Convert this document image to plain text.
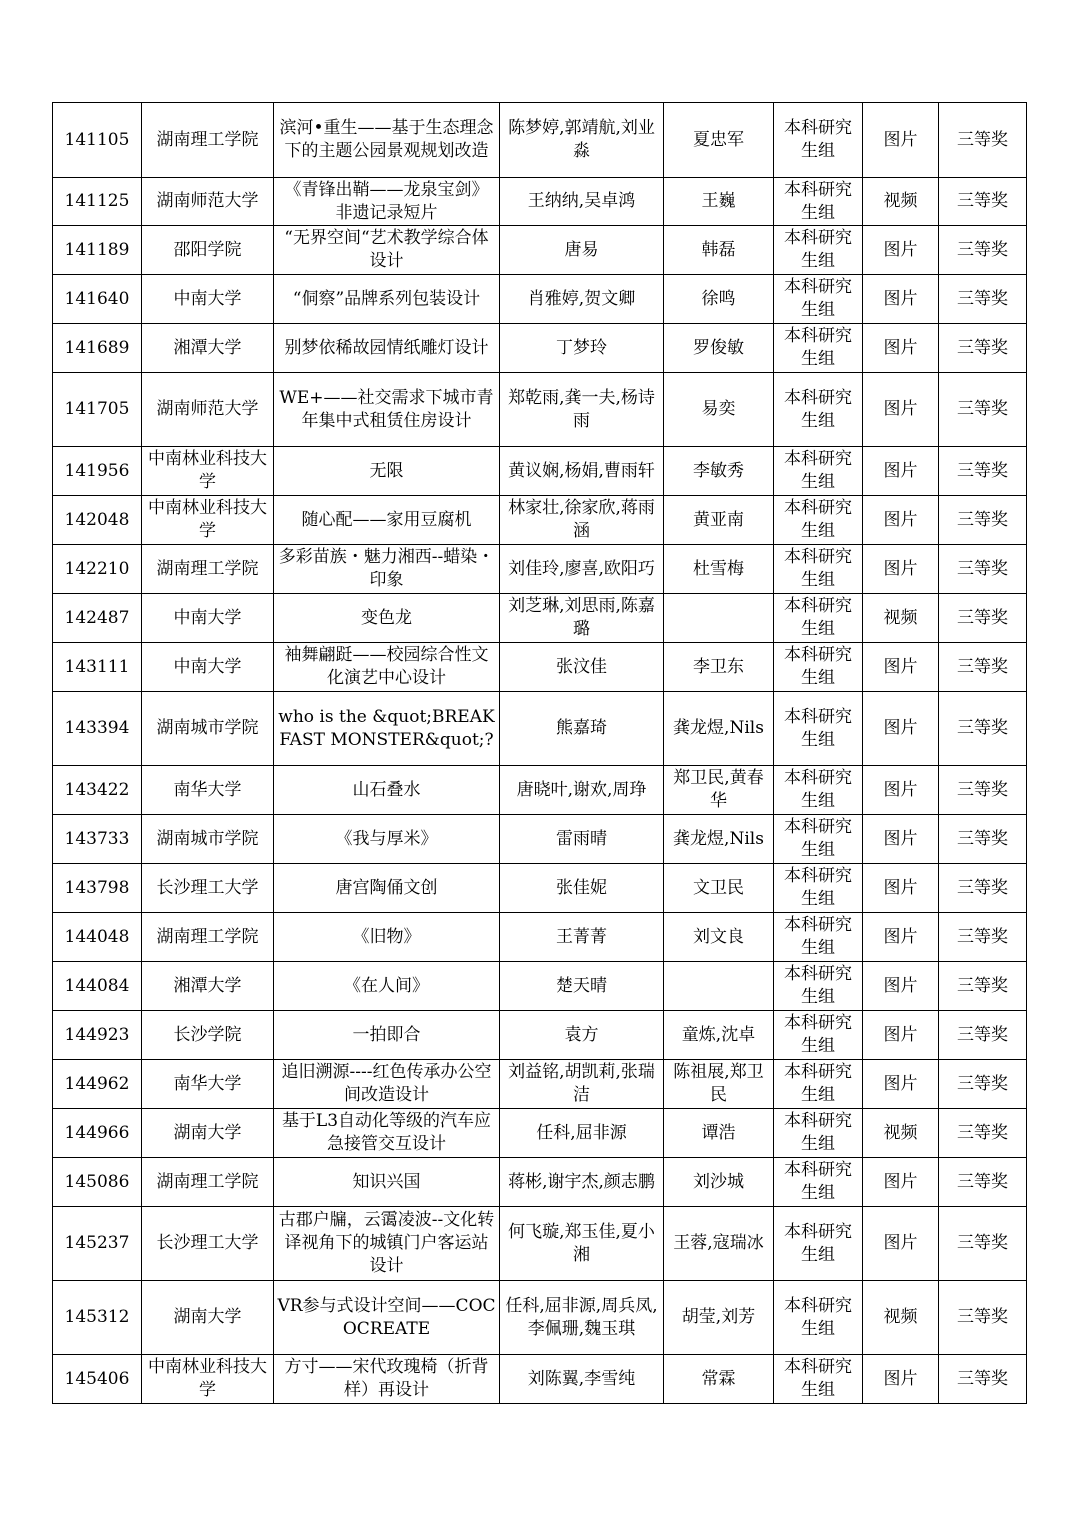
141105	湖南理工学院	滨河•重生——基于生态理念下的主题公园景观规划改造	陈梦婷,郭靖航,刘业淼	夏忠军	本科研究生组	图片	三等奖
141125	湖南师范大学	《青锋出鞘——龙泉宝剑》非遗记录短片	王纳纳,吴卓鸿	王巍	本科研究生组	视频	三等奖
141189	邵阳学院	“无界空间“艺术教学综合体设计	唐易	韩磊	本科研究生组	图片	三等奖
141640	中南大学	“侗察”品牌系列包装设计	肖雅婷,贺文卿	徐鸣	本科研究生组	图片	三等奖
141689	湘潭大学	别梦依稀故园情纸雕灯设计	丁梦玲	罗俊敏	本科研究生组	图片	三等奖
141705	湖南师范大学	WE+——社交需求下城市青年集中式租赁住房设计	郑乾雨,龚一夫,杨诗雨	易奕	本科研究生组	图片	三等奖
141956	中南林业科技大学	无限	黄议娴,杨娟,曹雨轩	李敏秀	本科研究生组	图片	三等奖
142048	中南林业科技大学	随心配——家用豆腐机	林家壮,徐家欣,蒋雨涵	黄亚南	本科研究生组	图片	三等奖
142210	湖南理工学院	多彩苗族・魅力湘西--蜡染・印象	刘佳玲,廖喜,欧阳巧	杜雪梅	本科研究生组	图片	三等奖
142487	中南大学	变色龙	刘芝琳,刘思雨,陈嘉璐		本科研究生组	视频	三等奖
143111	中南大学	袖舞翩跹——校园综合性文化演艺中心设计	张汶佳	李卫东	本科研究生组	图片	三等奖
143394	湖南城市学院	who is the &quot;BREAKFAST MONSTER&quot;?	熊嘉琦	龚龙煜,Nils	本科研究生组	图片	三等奖
143422	南华大学	山石叠水	唐晓叶,谢欢,周琤	郑卫民,黄春华	本科研究生组	图片	三等奖
143733	湖南城市学院	《我与厚米》	雷雨晴	龚龙煜,Nils	本科研究生组	图片	三等奖
143798	长沙理工大学	唐宫陶俑文创	张佳妮	文卫民	本科研究生组	图片	三等奖
144048	湖南理工学院	《旧物》	王菁菁	刘文良	本科研究生组	图片	三等奖
144084	湘潭大学	《在人间》	楚天晴		本科研究生组	图片	三等奖
144923	长沙学院	一拍即合	袁方	童炼,沈卓	本科研究生组	图片	三等奖
144962	南华大学	追旧溯源----红色传承办公空间改造设计	刘益铭,胡凯莉,张瑞洁	陈祖展,郑卫民	本科研究生组	图片	三等奖
144966	湖南大学	基于L3自动化等级的汽车应急接管交互设计	任科,屈非源	谭浩	本科研究生组	视频	三等奖
145086	湖南理工学院	知识兴国	蒋彬,谢宇杰,颜志鹏	刘沙城	本科研究生组	图片	三等奖
145237	长沙理工大学	古郡户牖，云霭凌波--文化转译视角下的城镇门户客运站设计	何飞璇,郑玉佳,夏小湘	王蓉,寇瑞冰	本科研究生组	图片	三等奖
145312	湖南大学	VR参与式设计空间——COCOCREATE	任科,屈非源,周兵凤,李佩珊,魏玉琪	胡莹,刘芳	本科研究生组	视频	三等奖
145406	中南林业科技大学	方寸——宋代玫瑰椅（折背样）再设计	刘陈翼,李雪纯	常霖	本科研究生组	图片	三等奖
